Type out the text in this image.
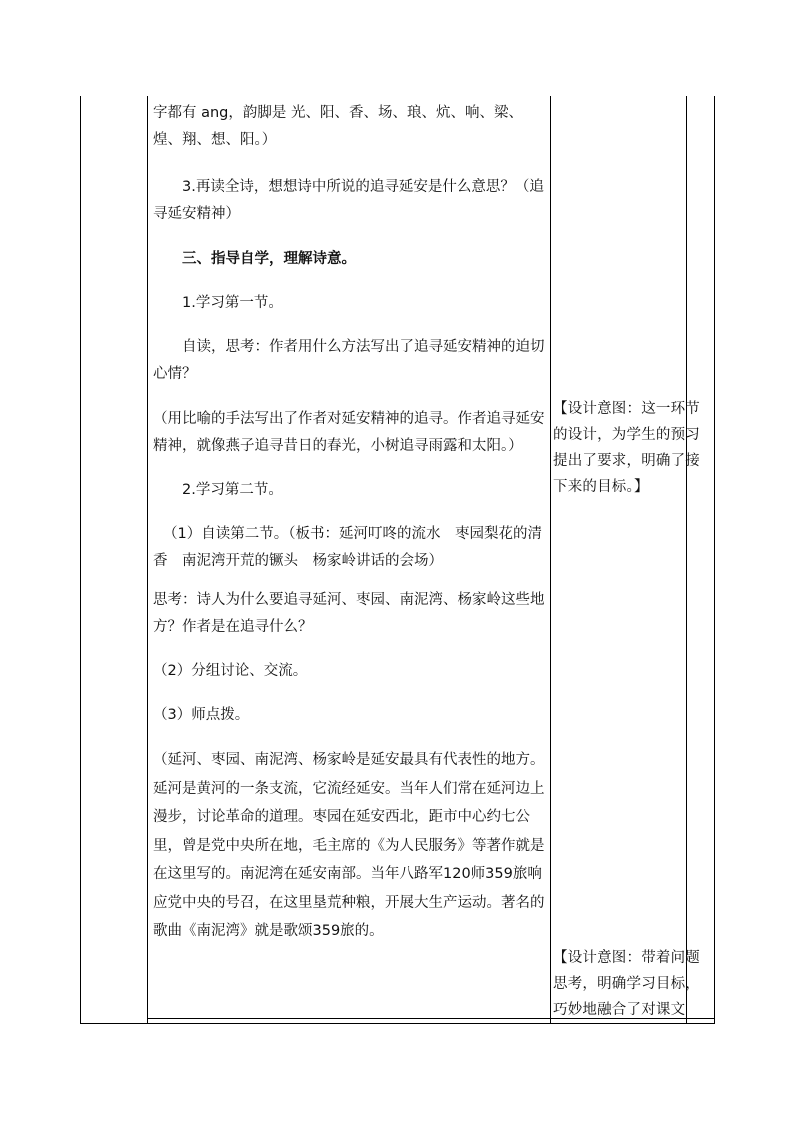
字都有 ang，韵脚是 光、阳、香、场、琅、炕、响、梁、煌、翔、想、阳。）

3.再读全诗，想想诗中所说的追寻延安是什么意思？（追寻延安精神）

三、指导自学，理解诗意。

1.学习第一节。

自读，思考：作者用什么方法写出了追寻延安精神的迫切心情？

（用比喻的手法写出了作者对延安精神的追寻。作者追寻延安精神，就像燕子追寻昔日的春光，小树追寻雨露和太阳。）

2.学习第二节。

（1）自读第二节。（板书：延河叮咚的流水　枣园梨花的清香　南泥湾开荒的镢头　杨家岭讲话的会场）

思考：诗人为什么要追寻延河、枣园、南泥湾、杨家岭这些地方？作者是在追寻什么？

（2）分组讨论、交流。

（3）师点拨。

（延河、枣园、南泥湾、杨家岭是延安最具有代表性的地方。延河是黄河的一条支流，它流经延安。当年人们常在延河边上漫步，讨论革命的道理。枣园在延安西北，距市中心约七公里，曾是党中央所在地，毛主席的《为人民服务》等著作就是在这里写的。南泥湾在延安南部。当年八路军120师359旅响应党中央的号召，在这里垦荒种粮，开展大生产运动。著名的歌曲《南泥湾》就是歌颂359旅的。

【设计意图：这一环节的设计，为学生的预习提出了要求，明确了接下来的目标。】
【设计意图：带着问题思考，明确学习目标，巧妙地融合了对课文
